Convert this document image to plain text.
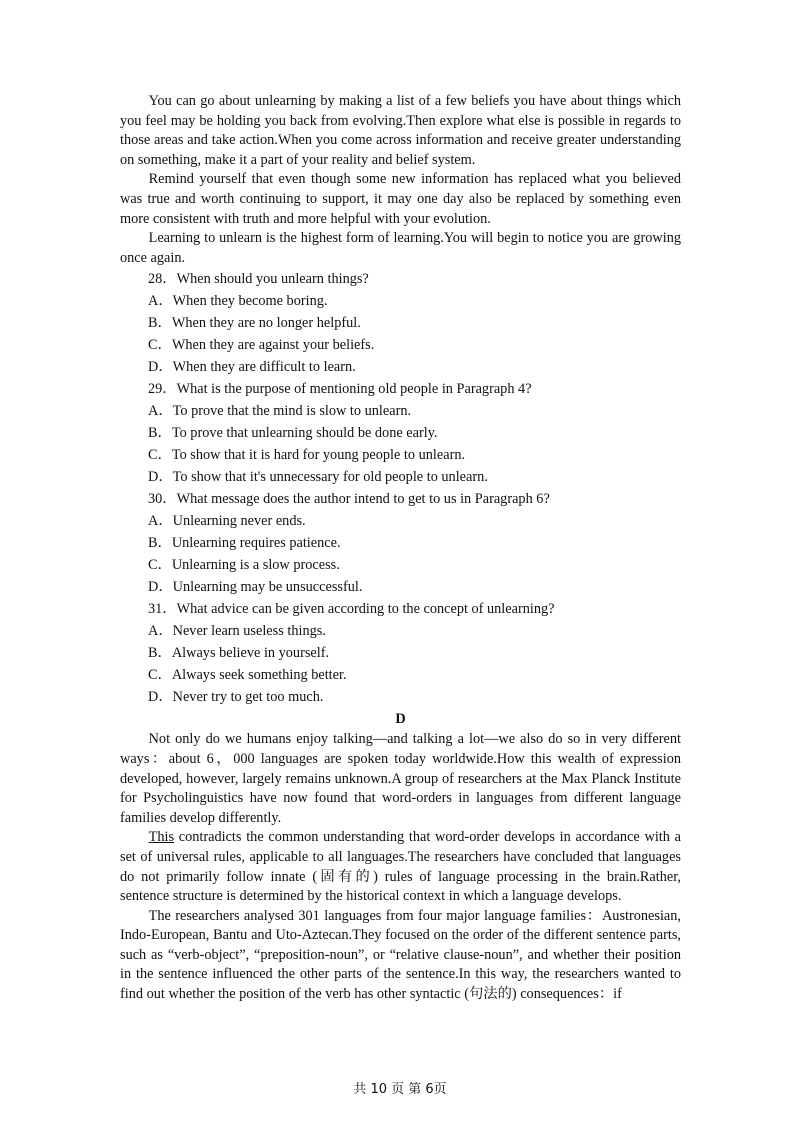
You can go about unlearning by making a list of a few beliefs you have about things which you feel may be holding you back from evolving.Then explore what else is possible in regards to those areas and take action.When you come across information and receive greater understanding on something, make it a part of your reality and belief system.

Remind yourself that even though some new information has replaced what you believed was true and worth continuing to support, it may one day also be replaced by something even more consistent with truth and more helpful with your evolution.

Learning to unlearn is the highest form of learning.You will begin to notice you are growing once again.

28．When should you unlearn things?

A．When they become boring.

B．When they are no longer helpful.

C．When they are against your beliefs.

D．When they are difficult to learn.

29．What is the purpose of mentioning old people in Paragraph 4?

A．To prove that the mind is slow to unlearn.

B．To prove that unlearning should be done early.

C．To show that it is hard for young people to unlearn.

D．To show that it's unnecessary for old people to unlearn.

30．What message does the author intend to get to us in Paragraph 6?

A．Unlearning never ends.

B．Unlearning requires patience.

C．Unlearning is a slow process.

D．Unlearning may be unsuccessful.

31．What advice can be given according to the concept of unlearning?

A．Never learn useless things.

B．Always believe in yourself.

C．Always seek something better.

D．Never try to get too much.

D

Not only do we humans enjoy talking—and talking a lot—we also do so in very different ways：about 6，000 languages are spoken today worldwide.How this wealth of expression developed, however, largely remains unknown.A group of researchers at the Max Planck Institute for Psycholinguistics have now found that word-orders in languages from different language families develop differently.

This contradicts the common understanding that word-order develops in accordance with a set of universal rules, applicable to all languages.The researchers have concluded that languages do not primarily follow innate (固有的) rules of language processing in the brain.Rather, sentence structure is determined by the historical context in which a language develops.

The researchers analysed 301 languages from four major language families：Austronesian, Indo-European, Bantu and Uto-Aztecan.They focused on the order of the different sentence parts, such as “verb-object”, “preposition-noun”, or “relative clause-noun”, and whether their position in the sentence influenced the other parts of the sentence.In this way, the researchers wanted to find out whether the position of the verb has other syntactic (句法的) consequences：if

共 10 页 第 6页
